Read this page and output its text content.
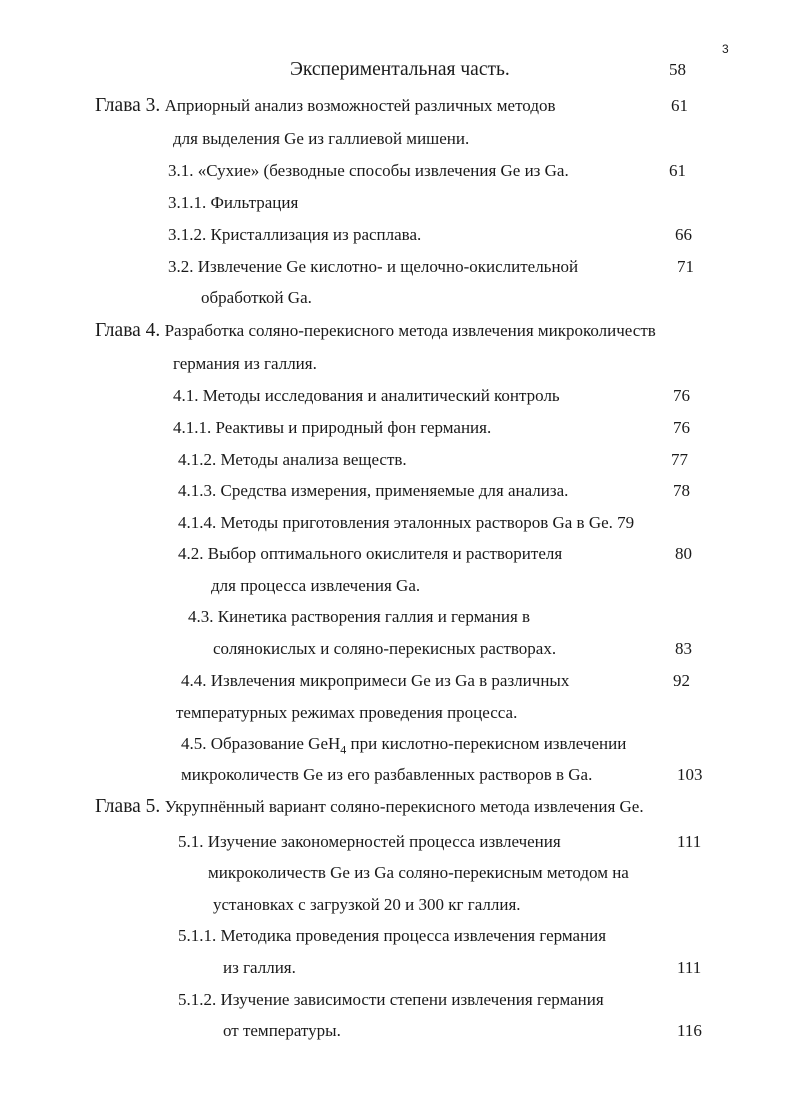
3
Экспериментальная часть.	58
Глава 3. Априорный анализ возможностей различных методов	61
для выделения Ge из галлиевой мишени.
3.1. «Сухие» (безводные способы извлечения Ge из Ga.	61
3.1.1. Фильтрация
3.1.2. Кристаллизация из расплава.	66
3.2. Извлечение Ge кислотно- и щелочно-окислительной	71
обработкой Ga.
Глава 4. Разработка соляно-перекисного метода извлечения микроколичеств
германия из галлия.
4.1. Методы исследования и аналитический контроль	76
4.1.1. Реактивы и природный фон германия.	76
4.1.2. Методы анализа веществ.	77
4.1.3. Средства измерения, применяемые для анализа.	78
4.1.4. Методы приготовления эталонных растворов Ga в Ge. 79
4.2. Выбор оптимального окислителя и растворителя	80
для процесса извлечения Ga.
4.3. Кинетика растворения галлия и германия в
солянокислых и соляно-перекисных растворах.	83
4.4. Извлечения микропримеси Ge из Ga в различных	92
температурных режимах проведения процесса.
4.5. Образование GeH$_4$ при кислотно-перекисном извлечении
микроколичеств Ge из его разбавленных растворов в Ga.	103
Глава 5. Укрупнённый вариант соляно-перекисного метода извлечения Ge.
5.1. Изучение закономерностей процесса извлечения	111
микроколичеств Ge из Ga соляно-перекисным методом на
установках с загрузкой 20 и 300 кг галлия.
5.1.1. Методика проведения процесса извлечения германия
из галлия.	111
5.1.2. Изучение зависимости степени извлечения германия
от температуры.	116
